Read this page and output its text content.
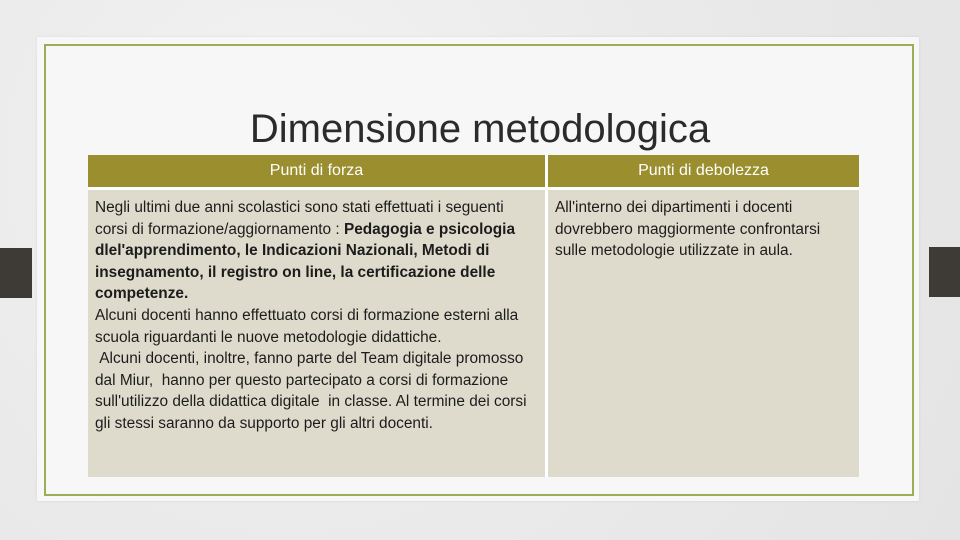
Dimensione metodologica
Punti di forza	Punti di debolezza
Negli ultimi due anni scolastici sono stati effettuati i seguenti corsi di formazione/aggiornamento : Pedagogia e psicologia dlel'apprendimento, le Indicazioni Nazionali, Metodi di insegnamento, il registro on line, la certificazione delle competenze.
Alcuni docenti hanno effettuato corsi di formazione esterni alla scuola riguardanti le nuove metodologie didattiche.
Alcuni docenti, inoltre, fanno parte del Team digitale promosso dal Miur,  hanno per questo partecipato a corsi di formazione sull'utilizzo della didattica digitale  in classe. Al termine dei corsi gli stessi saranno da supporto per gli altri docenti.	All'interno dei dipartimenti i docenti dovrebbero maggiormente confrontarsi sulle metodologie utilizzate in aula.
